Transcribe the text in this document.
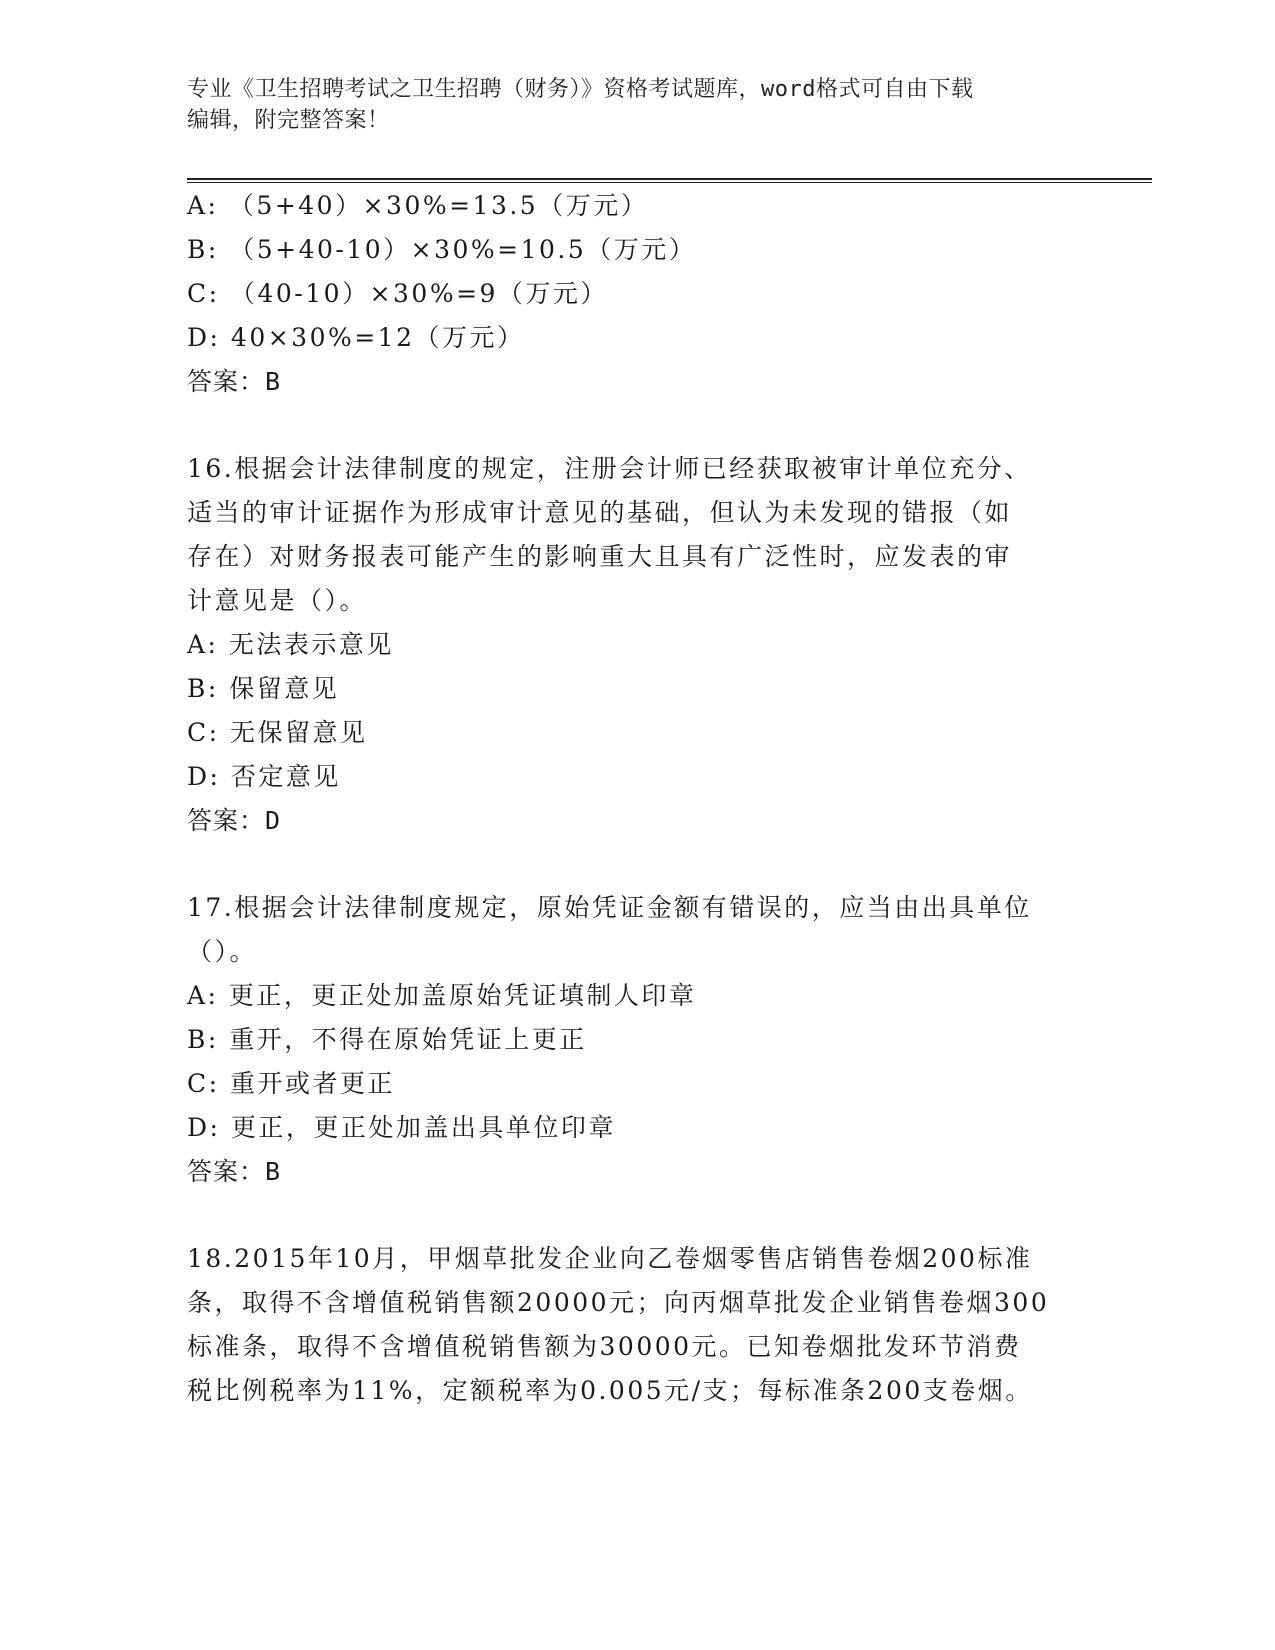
专业《卫生招聘考试之卫生招聘（财务）》资格考试题库，word格式可自由下载
编辑，附完整答案！
A: （5+40）×30%=13.5（万元）
B: （5+40-10）×30%=10.5（万元）
C: （40-10）×30%=9（万元）
D: 40×30%=12（万元）
答案：B
16.根据会计法律制度的规定，注册会计师已经获取被审计单位充分、
适当的审计证据作为形成审计意见的基础，但认为未发现的错报（如
存在）对财务报表可能产生的影响重大且具有广泛性时，应发表的审
计意见是（）。
A: 无法表示意见
B: 保留意见
C: 无保留意见
D: 否定意见
答案：D
17.根据会计法律制度规定，原始凭证金额有错误的，应当由出具单位
（）。
A: 更正，更正处加盖原始凭证填制人印章
B: 重开，不得在原始凭证上更正
C: 重开或者更正
D: 更正，更正处加盖出具单位印章
答案：B
18.2015年10月，甲烟草批发企业向乙卷烟零售店销售卷烟200标准
条，取得不含增值税销售额20000元；向丙烟草批发企业销售卷烟300
标准条，取得不含增值税销售额为30000元。已知卷烟批发环节消费
税比例税率为11%，定额税率为0.005元/支；每标准条200支卷烟。
